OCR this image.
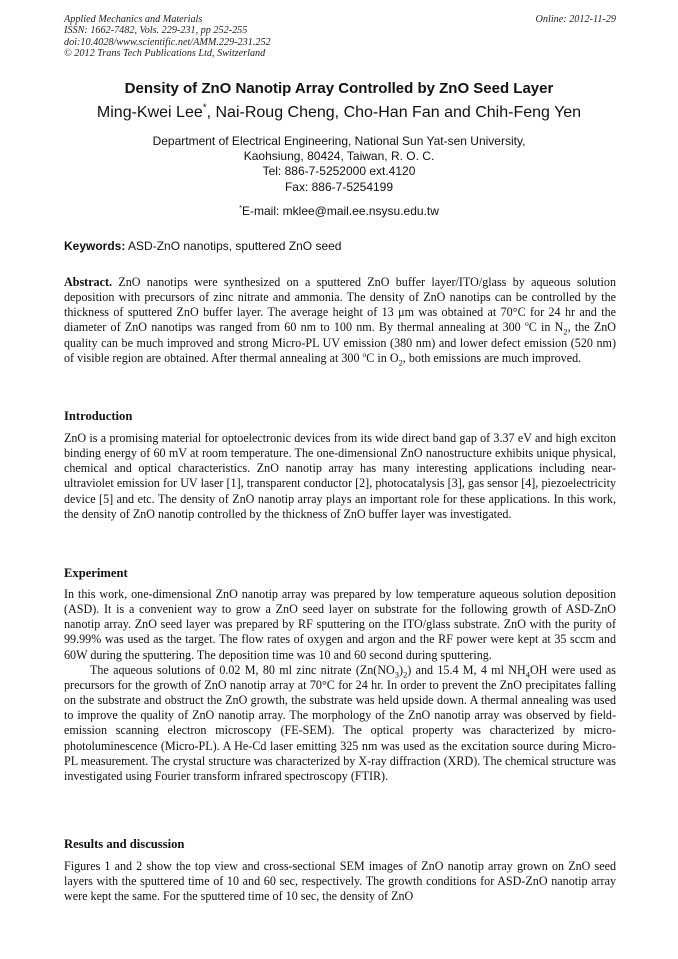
Applied Mechanics and Materials
ISSN: 1662-7482, Vols. 229-231, pp 252-255
doi:10.4028/www.scientific.net/AMM.229-231.252
© 2012 Trans Tech Publications Ltd, Switzerland
Online: 2012-11-29
Density of ZnO Nanotip Array Controlled by ZnO Seed Layer
Ming-Kwei Lee*, Nai-Roug Cheng, Cho-Han Fan and Chih-Feng Yen
Department of Electrical Engineering, National Sun Yat-sen University,
Kaohsiung, 80424, Taiwan, R. O. C.
Tel: 886-7-5252000 ext.4120
Fax: 886-7-5254199
*E-mail: mklee@mail.ee.nsysu.edu.tw
Keywords: ASD-ZnO nanotips, sputtered ZnO seed

Abstract. ZnO nanotips were synthesized on a sputtered ZnO buffer layer/ITO/glass by aqueous solution deposition with precursors of zinc nitrate and ammonia. The density of ZnO nanotips can be controlled by the thickness of sputtered ZnO buffer layer. The average height of 13 μm was obtained at 70°C for 24 hr and the diameter of ZnO nanotips was ranged from 60 nm to 100 nm. By thermal annealing at 300 $^o$C in $N_2$, the ZnO quality can be much improved and strong Micro-PL UV emission (380 nm) and lower defect emission (520 nm) of visible region are obtained. After thermal annealing at 300 $^o$C in $O_2$, both emissions are much improved.

Introduction

ZnO is a promising material for optoelectronic devices from its wide direct band gap of 3.37 eV and high exciton binding energy of 60 mV at room temperature. The one-dimensional ZnO nanostructure exhibits unique physical, chemical and optical characteristics. ZnO nanotip array has many interesting applications including near-ultraviolet emission for UV laser [1], transparent conductor [2], photocatalysis [3], gas sensor [4], piezoelectricity device [5] and etc. The density of ZnO nanotip array plays an important role for these applications. In this work, the density of ZnO nanotip controlled by the thickness of ZnO buffer layer was investigated.

Experiment

In this work, one-dimensional ZnO nanotip array was prepared by low temperature aqueous solution deposition (ASD). It is a convenient way to grow a ZnO seed layer on substrate for the following growth of ASD-ZnO nanotip array. ZnO seed layer was prepared by RF sputtering on the ITO/glass substrate. ZnO with the purity of 99.99% was used as the target. The flow rates of oxygen and argon and the RF power were kept at 35 sccm and 60W during the sputtering. The deposition time was 10 and 60 second during sputtering.

The aqueous solutions of 0.02 M, 80 ml zinc nitrate $(Zn(NO_3)_2)$ and 15.4 M, 4 ml $NH_4OH$ were used as precursors for the growth of ZnO nanotip array at 70°C for 24 hr. In order to prevent the ZnO precipitates falling on the substrate and obstruct the ZnO growth, the substrate was held upside down. A thermal annealing was used to improve the quality of ZnO nanotip array. The morphology of the ZnO nanotip array was observed by field-emission scanning electron microscopy (FE-SEM). The optical property was characterized by micro-photoluminescence (Micro-PL). A He-Cd laser emitting 325 nm was used as the excitation source during Micro-PL measurement. The crystal structure was characterized by X-ray diffraction (XRD). The chemical structure was investigated using Fourier transform infrared spectroscopy (FTIR).

Results and discussion

Figures 1 and 2 show the top view and cross-sectional SEM images of ZnO nanotip array grown on ZnO seed layers with the sputtered time of 10 and 60 sec, respectively. The growth conditions for ASD-ZnO nanotip array were kept the same. For the sputtered time of 10 sec, the density of ZnO
